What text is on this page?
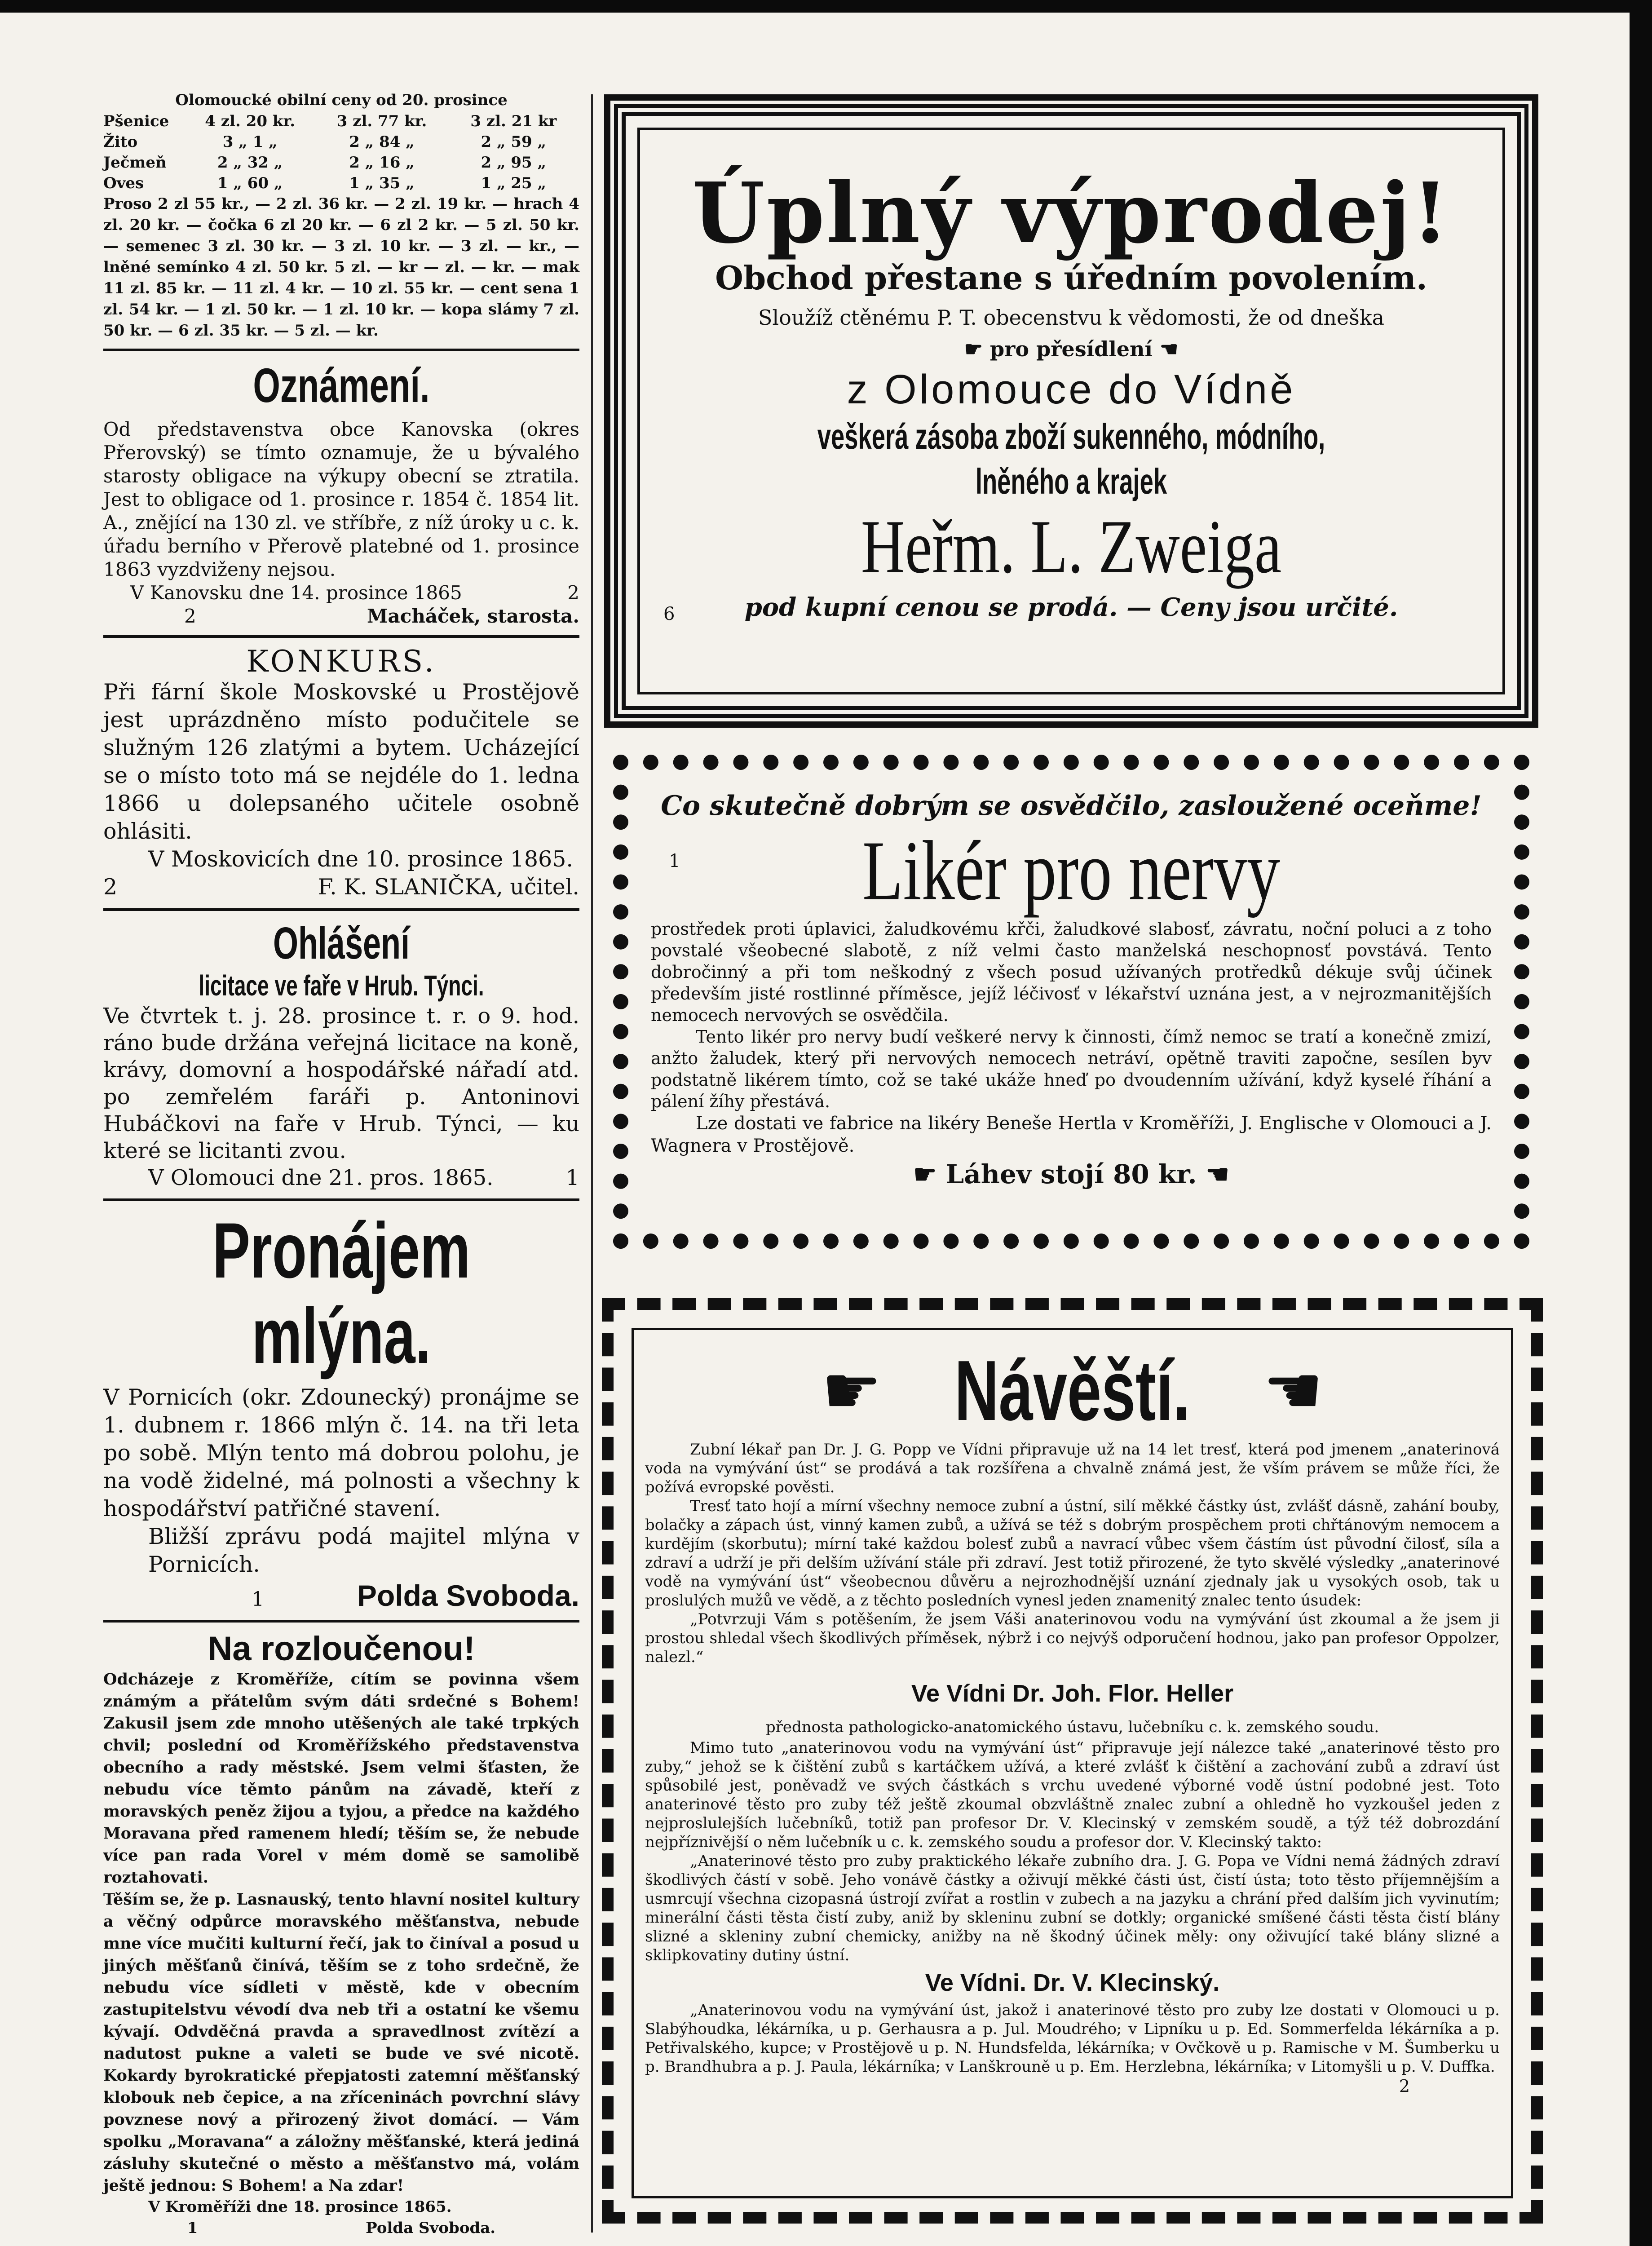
Olomoucké obilní ceny od 20. prosince
Pšenice	4 zl. 20 kr.	3 zl. 77 kr.	3 zl. 21 kr
Žito	3 „ 1 „	2 „ 84 „	2 „ 59 „
Ječmeň	2 „ 32 „	2 „ 16 „	2 „ 95 „
Oves	1 „ 60 „	1 „ 35 „	1 „ 25 „
Proso 2 zl 55 kr., — 2 zl. 36 kr. — 2 zl. 19 kr. — hrach 4 zl. 20 kr. — čočka 6 zl 20 kr. — 6 zl 2 kr. — 5 zl. 50 kr. — semenec 3 zl. 30 kr. — 3 zl. 10 kr. — 3 zl. — kr., — lněné semínko 4 zl. 50 kr. 5 zl. — kr — zl. — kr. — mak 11 zl. 85 kr. — 11 zl. 4 kr. — 10 zl. 55 kr. — cent sena 1 zl. 54 kr. — 1 zl. 50 kr. — 1 zl. 10 kr. — kopa slámy 7 zl. 50 kr. — 6 zl. 35 kr. — 5 zl. — kr.
Oznámení.

Od představenstva obce Kanovska (okres Přerovský) se tímto oznamuje, že u bývalého starosty obligace na výkupy obecní se ztratila. Jest to obligace od 1. prosince r. 1854 č. 1854 lit. A., znějící na 130 zl. ve stříbře, z níž úroky u c. k. úřadu berního v Přerově platebné od 1. prosince 1863 vyzdviženy nejsou.

V Kanovsku dne 14. prosince 1865	2
2	Macháček, starosta.
KONKURS.

Při fární škole Moskovské u Prostějově jest uprázdněno místo podučitele se služným 126 zlatými a bytem. Ucházející se o místo toto má se nejdéle do 1. ledna 1866 u dolepsaného učitele osobně ohlásiti.

V Moskovicích dne 10. prosince 1865.
2	F. K. SLANIČKA, učitel.
Ohlášení
licitace ve faře v Hrub. Týnci.

Ve čtvrtek t. j. 28. prosince t. r. o 9. hod. ráno bude držána veřejná licitace na koně, krávy, domovní a hospodářské nářadí atd. po zemřelém faráři p. Antoninovi Hubáčkovi na faře v Hrub. Týnci, — ku které se licitanti zvou.

V Olomouci dne 21. pros. 1865.	1
Pronájem mlýna.

V Pornicích (okr. Zdounecký) pronájme se 1. dubnem r. 1866 mlýn č. 14. na tři leta po sobě. Mlýn tento má dobrou polohu, je na vodě židelné, má polnosti a všechny k hospodářství patřičné stavení.

Bližší zprávu podá majitel mlýna v Pornicích.

1	Polda Svoboda.
Na rozloučenou!

Odcházeje z Kroměříže, cítím se povinna všem známým a přátelům svým dáti srdečné s Bohem! Zakusil jsem zde mnoho utěšených ale také trpkých chvil; poslední od Kroměřížského představenstva obecního a rady městské. Jsem velmi šťasten, že nebudu více těmto pánům na závadě, kteří z moravských peněz žijou a tyjou, a předce na každého Moravana před ramenem hledí; těším se, že nebude více pan rada Vorel v mém domě se samolibě roztahovati.

Těším se, že p. Lasnauský, tento hlavní nositel kultury a věčný odpůrce moravského měšťanstva, nebude mne více mučiti kulturní řečí, jak to činíval a posud u jiných měšťanů činívá, těším se z toho srdečně, že nebudu více sídleti v městě, kde v obecním zastupitelstvu vévodí dva neb tři a ostatní ke všemu kývají. Odvděčná pravda a spravedlnost zvítězí a nadutost pukne a valeti se bude ve své nicotě. Kokardy byrokratické přepjatosti zatemní měšťanský klobouk neb čepice, a na zříceninách povrchní slávy povznese nový a přirozený život domácí. — Vám spolku „Moravana“ a záložny měšťanské, která jediná zásluhy skutečné o město a měšťanstvo má, volám ještě jednou: S Bohem! a Na zdar!

V Kroměříži dne 18. prosince 1865.
1	Polda Svoboda.
Úplný výprodej!
Obchod přestane s úředním povolením.
Sloužíž ctěnému P. T. obecenstvu k vědomosti, že od dneška
☛ pro přesídlení ☚
z Olomouce do Vídně
veškerá zásoba zboží sukenného, módního, lněného a krajek
Heřm. L. Zweiga
pod kupní cenou se prodá. — Ceny jsou určité.
6
Co skutečně dobrým se osvědčilo, zasloužené oceňme!
1	Likér pro nervy

prostředek proti úplavici, žaludkovému křči, žaludkové slabosť, závratu, noční poluci a z toho povstalé všeobecné slabotě, z níž velmi často manželská neschopnosť povstává. Tento dobročinný a při tom neškodný z všech posud užívaných protředků dékuje svůj účinek především jisté rostlinné příměsce, jejíž léčivosť v lékařství uznána jest, a v nejrozmanitějších nemocech nervových se osvědčila.

Tento likér pro nervy budí veškeré nervy k činnosti, čímž nemoc se tratí a konečně zmizí, anžto žaludek, který při nervových nemocech netráví, opětně traviti započne, sesílen byv podstatně likérem tímto, což se také ukáže hneď po dvoudenním užívání, když kyselé říhání a pálení žíhy přestává.

Lze dostati ve fabrice na likéry Beneše Hertla v Kroměříži, J. Englische v Olomouci a J. Wagnera v Prostějově.

☛ Láhev stojí 80 kr. ☚
☛ Návěští. ☚

Zubní lékař pan Dr. J. G. Popp ve Vídni připravuje už na 14 let tresť, která pod jmenem „anaterinová voda na vymývání úst“ se prodává a tak rozšířena a chvalně známá jest, že vším právem se může říci, že požívá evropské pověsti.

Tresť tato hojí a mírní všechny nemoce zubní a ústní, silí měkké částky úst, zvlášť dásně, zahání bouby, bolačky a zápach úst, vinný kamen zubů, a užívá se též s dobrým prospěchem proti chřtánovým nemocem a kurdějím (skorbutu); mírní také každou bolesť zubů a navrací vůbec všem částím úst původní čilosť, síla a zdraví a udrží je při delším užívání stále při zdraví. Jest totiž přirozené, že tyto skvělé výsledky „anaterinové vodě na vymývání úst“ všeobecnou důvěru a nejrozhodnější uznání zjednaly jak u vysokých osob, tak u proslulých mužů ve vědě, a z těchto posledních vynesl jeden znamenitý znalec tento úsudek:

„Potvrzuji Vám s potěšením, že jsem Váši anaterinovou vodu na vymývání úst zkoumal a že jsem ji prostou shledal všech škodlivých příměsek, nýbrž i co nejvýš odporučení hodnou, jako pan profesor Oppolzer, nalezl.“

Ve Vídni Dr. Joh. Flor. Heller
přednosta pathologicko-anatomického ústavu, lučebníku c. k. zemského soudu.

Mimo tuto „anaterinovou vodu na vymývání úst“ připravuje její nálezce také „anaterinové těsto pro zuby,“ jehož se k čištění zubů s kartáčkem užívá, a které zvlášť k čištění a zachování zubů a zdraví úst spůsobilé jest, poněvadž ve svých částkách s vrchu uvedené výborné vodě ústní podobné jest. Toto anaterinové těsto pro zuby též ještě zkoumal obzvláštně znalec zubní a ohledně ho vyzkoušel jeden z nejproslulejších lučebníků, totiž pan profesor Dr. V. Klecinský v zemském soudě, a týž též dobrozdání nejpříznivější o něm lučebník u c. k. zemského soudu a profesor dor. V. Klecinský takto:

„Anaterinové těsto pro zuby praktického lékaře zubního dra. J. G. Popa ve Vídni nemá žádných zdraví škodlivých částí v sobě. Jeho vonávě částky a oživují měkké části úst, čistí ústa; toto těsto příjemnějším a usmrcují všechna cizopasná ústrojí zvířat a rostlin v zubech a na jazyku a chrání před dalším jich vyvinutím; minerální části těsta čistí zuby, aniž by skleninu zubní se dotkly; organické smíšené části těsta čistí blány slizné a skleniny zubní chemicky, anižby na ně škodný účinek měly: ony oživující také blány slizné a sklipkovatiny dutiny ústní.

Ve Vídni. Dr. V. Klecinský.

„Anaterinovou vodu na vymývání úst, jakož i anaterinové těsto pro zuby lze dostati v Olomouci u p. Slabýhoudka, lékárníka, u p. Gerhausra a p. Jul. Moudrého; v Lipníku u p. Ed. Sommerfelda lékárníka a p. Petřivalského, kupce; v Prostějově u p. N. Hundsfelda, lékárníka; v Ovčkově u p. Ramische v M. Šumberku u p. Brandhubra a p. J. Paula, lékárníka; v Lanškrouně u p. Em. Herzlebna, lékárníka; v Litomyšli u p. V. Duffka.

2
